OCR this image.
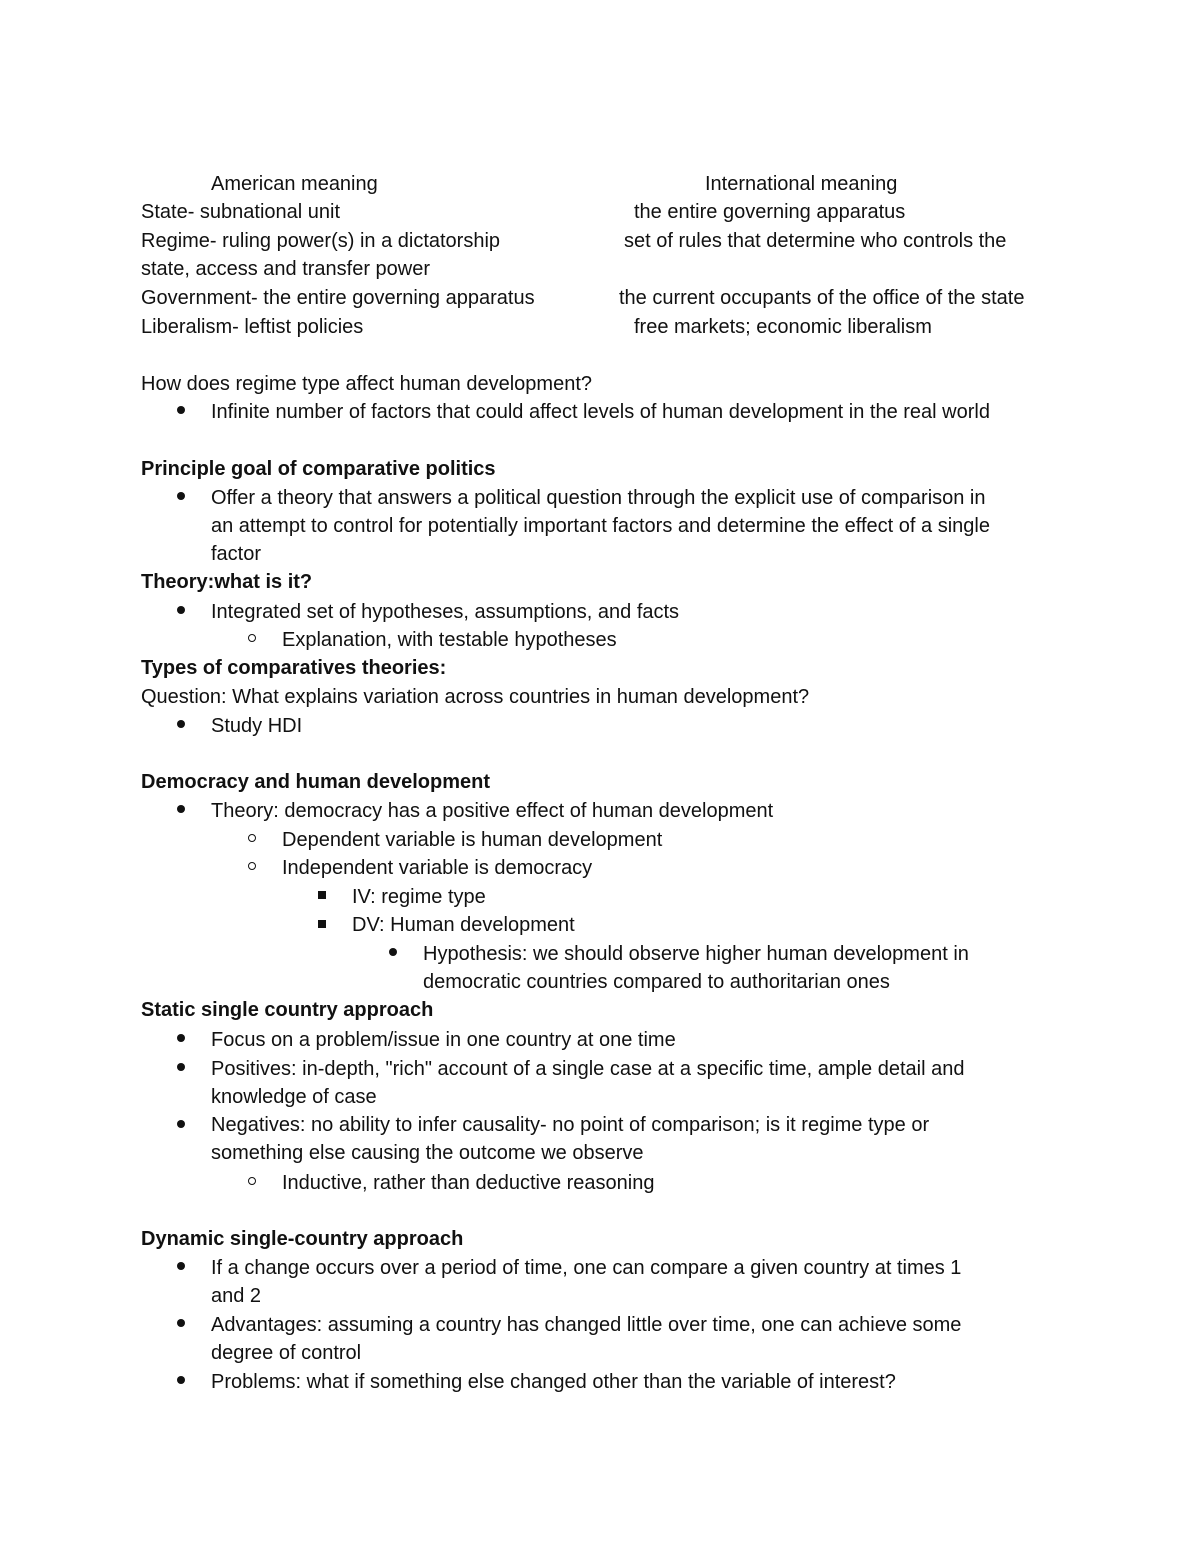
American meaning	International meaning
State- subnational unit	the entire governing apparatus
Regime- ruling power(s) in a dictatorship	set of rules that determine who controls the
state, access and transfer power
Government- the entire governing apparatus	the current occupants of the office of the state
Liberalism- leftist policies	free markets; economic liberalism
How does regime type affect human development?
Infinite number of factors that could affect levels of human development in the real world
Principle goal of comparative politics
Offer a theory that answers a political question through the explicit use of comparison in
an attempt to control for potentially important factors and determine the effect of a single
factor
Theory:what is it?
Integrated set of hypotheses, assumptions, and facts
Explanation, with testable hypotheses
Types of comparatives theories:
Question: What explains variation across countries in human development?
Study HDI
Democracy and human development
Theory: democracy has a positive effect of human development
Dependent variable is human development
Independent variable is democracy
IV: regime type
DV: Human development
Hypothesis: we should observe higher human development in
democratic countries compared to authoritarian ones
Static single country approach
Focus on a problem/issue in one country at one time
Positives: in-depth, "rich" account of a single case at a specific time, ample detail and
knowledge of case
Negatives: no ability to infer causality- no point of comparison; is it regime type or
something else causing the outcome we observe
Inductive, rather than deductive reasoning
Dynamic single-country approach
If a change occurs over a period of time, one can compare a given country at times 1
and 2
Advantages: assuming a country has changed little over time, one can achieve some
degree of control
Problems: what if something else changed other than the variable of interest?
